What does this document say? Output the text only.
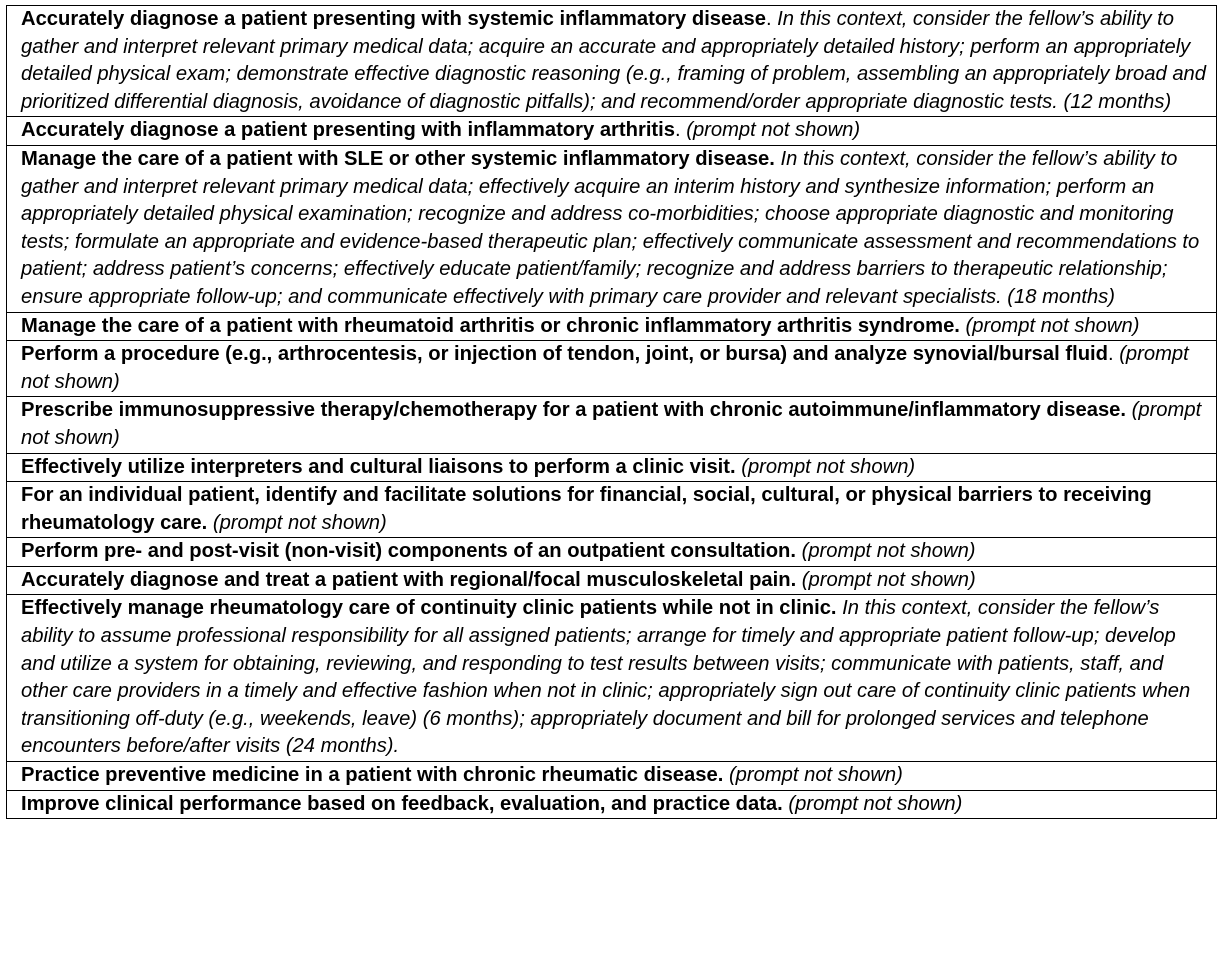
Accurately diagnose a patient presenting with systemic inflammatory disease. In this context, consider the fellow’s ability to gather and interpret relevant primary medical data; acquire an accurate and appropriately detailed history; perform an appropriately detailed physical exam; demonstrate effective diagnostic reasoning (e.g., framing of problem, assembling an appropriately broad and prioritized differential diagnosis, avoidance of diagnostic pitfalls); and recommend/order appropriate diagnostic tests. (12 months)
Accurately diagnose a patient presenting with inflammatory arthritis. (prompt not shown)
Manage the care of a patient with SLE or other systemic inflammatory disease. In this context, consider the fellow’s ability to gather and interpret relevant primary medical data; effectively acquire an interim history and synthesize information; perform an appropriately detailed physical examination; recognize and address co-morbidities; choose appropriate diagnostic and monitoring tests; formulate an appropriate and evidence-based therapeutic plan; effectively communicate assessment and recommendations to patient; address patient’s concerns; effectively educate patient/family; recognize and address barriers to therapeutic relationship; ensure appropriate follow-up; and communicate effectively with primary care provider and relevant specialists. (18 months)
Manage the care of a patient with rheumatoid arthritis or chronic inflammatory arthritis syndrome. (prompt not shown)
Perform a procedure (e.g., arthrocentesis, or injection of tendon, joint, or bursa) and analyze synovial/bursal fluid. (prompt not shown)
Prescribe immunosuppressive therapy/chemotherapy for a patient with chronic autoimmune/inflammatory disease. (prompt not shown)
Effectively utilize interpreters and cultural liaisons to perform a clinic visit. (prompt not shown)
For an individual patient, identify and facilitate solutions for financial, social, cultural, or physical barriers to receiving rheumatology care. (prompt not shown)
Perform pre- and post-visit (non-visit) components of an outpatient consultation. (prompt not shown)
Accurately diagnose and treat a patient with regional/focal musculoskeletal pain. (prompt not shown)
Effectively manage rheumatology care of continuity clinic patients while not in clinic. In this context, consider the fellow’s ability to assume professional responsibility for all assigned patients; arrange for timely and appropriate patient follow-up; develop and utilize a system for obtaining, reviewing, and responding to test results between visits; communicate with patients, staff, and other care providers in a timely and effective fashion when not in clinic; appropriately sign out care of continuity clinic patients when transitioning off-duty (e.g., weekends, leave) (6 months); appropriately document and bill for prolonged services and telephone encounters before/after visits (24 months).
Practice preventive medicine in a patient with chronic rheumatic disease. (prompt not shown)
Improve clinical performance based on feedback, evaluation, and practice data. (prompt not shown)
